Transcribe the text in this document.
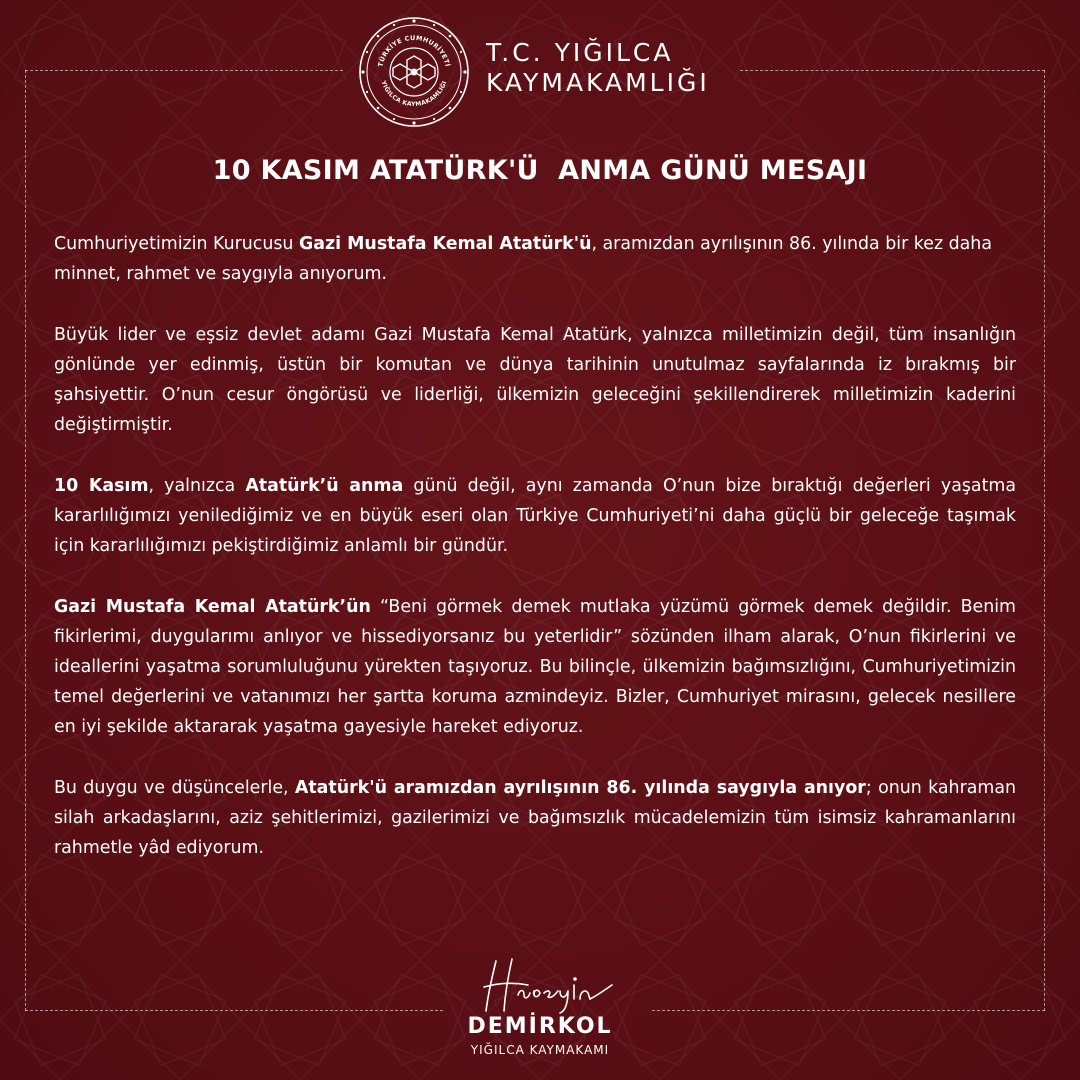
TÜRKİYE CUMHURİYETİ
YIĞILCA KAYMAKAMLIĞI
T.C. YIĞILCA
KAYMAKAMLIĞI
10 KASIM ATATÜRK'Ü  ANMA GÜNÜ MESAJI

Cumhuriyetimizin Kurucusu Gazi Mustafa Kemal Atatürk'ü, aramızdan ayrılışının 86. yılında bir kez daha minnet, rahmet ve saygıyla anıyorum.

Büyük lider ve eşsiz devlet adamı Gazi Mustafa Kemal Atatürk, yalnızca milletimizin değil, tüm insanlığın gönlünde yer edinmiş, üstün bir komutan ve dünya tarihinin unutulmaz sayfalarında iz bırakmış bir şahsiyettir. O’nun cesur öngörüsü ve liderliği, ülkemizin geleceğini şekillendirerek milletimizin kaderini değiştirmiştir.

10 Kasım, yalnızca Atatürk’ü anma günü değil, aynı zamanda O’nun bize bıraktığı değerleri yaşatma kararlılığımızı yenilediğimiz ve en büyük eseri olan Türkiye Cumhuriyeti’ni daha güçlü bir geleceğe taşımak için kararlılığımızı pekiştirdiğimiz anlamlı bir gündür.

Gazi Mustafa Kemal Atatürk’ün “Beni görmek demek mutlaka yüzümü görmek demek değildir. Benim fikirlerimi, duygularımı anlıyor ve hissediyorsanız bu yeterlidir” sözünden ilham alarak, O’nun fikirlerini ve ideallerini yaşatma sorumluluğunu yürekten taşıyoruz. Bu bilinçle, ülkemizin bağımsızlığını, Cumhuriyetimizin temel değerlerini ve vatanımızı her şartta koruma azmindeyiz. Bizler, Cumhuriyet mirasını, gelecek nesillere en iyi şekilde aktararak yaşatma gayesiyle hareket ediyoruz.

Bu duygu ve düşüncelerle, Atatürk'ü aramızdan ayrılışının 86. yılında saygıyla anıyor; onun kahraman silah arkadaşlarını, aziz şehitlerimizi, gazilerimizi ve bağımsızlık mücadelemizin tüm isimsiz kahramanlarını rahmetle yâd ediyorum.

DEMİRKOL
YIĞILCA KAYMAKAMI
